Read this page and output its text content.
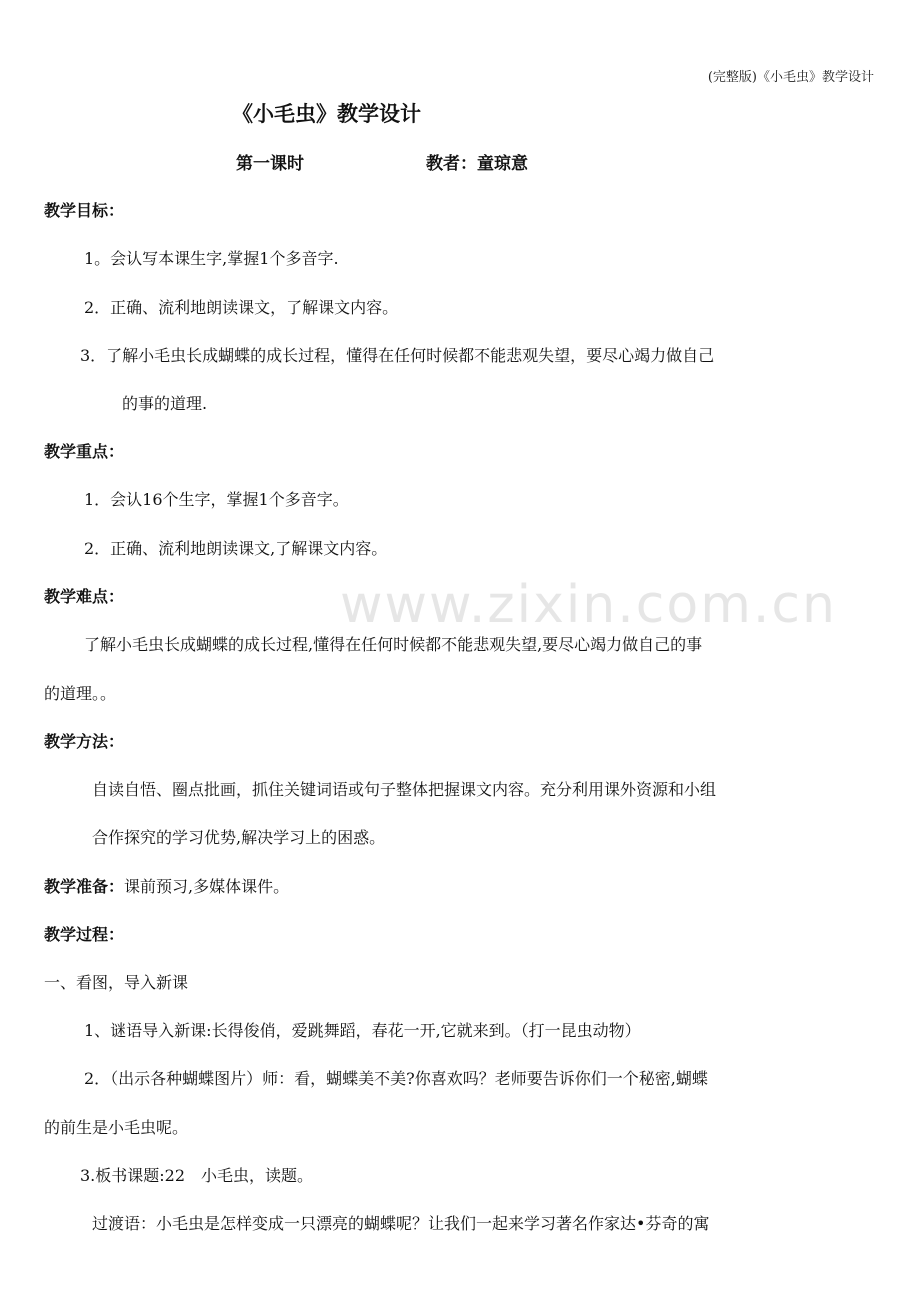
www.zixin.com.cn
(完整版)《小毛虫》教学设计
《小毛虫》教学设计
第一课时	教者：童琼意
教学目标：
1。会认写本课生字,掌握1个多音字.
2．正确、流利地朗读课文，了解课文内容。
3．了解小毛虫长成蝴蝶的成长过程，懂得在任何时候都不能悲观失望，要尽心竭力做自己
的事的道理.
教学重点：
1．会认16个生字，掌握1个多音字。
2．正确、流利地朗读课文,了解课文内容。
教学难点：
了解小毛虫长成蝴蝶的成长过程,懂得在任何时候都不能悲观失望,要尽心竭力做自己的事
的道理。。
教学方法：
自读自悟、圈点批画，抓住关键词语或句子整体把握课文内容。充分利用课外资源和小组
合作探究的学习优势,解决学习上的困惑。
教学准备：课前预习,多媒体课件。
教学过程：
一、看图，导入新课
1、谜语导入新课:长得俊俏，爱跳舞蹈，春花一开,它就来到。（打一昆虫动物）
2．（出示各种蝴蝶图片）师：看，蝴蝶美不美?你喜欢吗？老师要告诉你们一个秘密,蝴蝶
的前生是小毛虫呢。
3.板书课题:22　小毛虫，读题。
过渡语：小毛虫是怎样变成一只漂亮的蝴蝶呢？让我们一起来学习著名作家达•芬奇的寓
